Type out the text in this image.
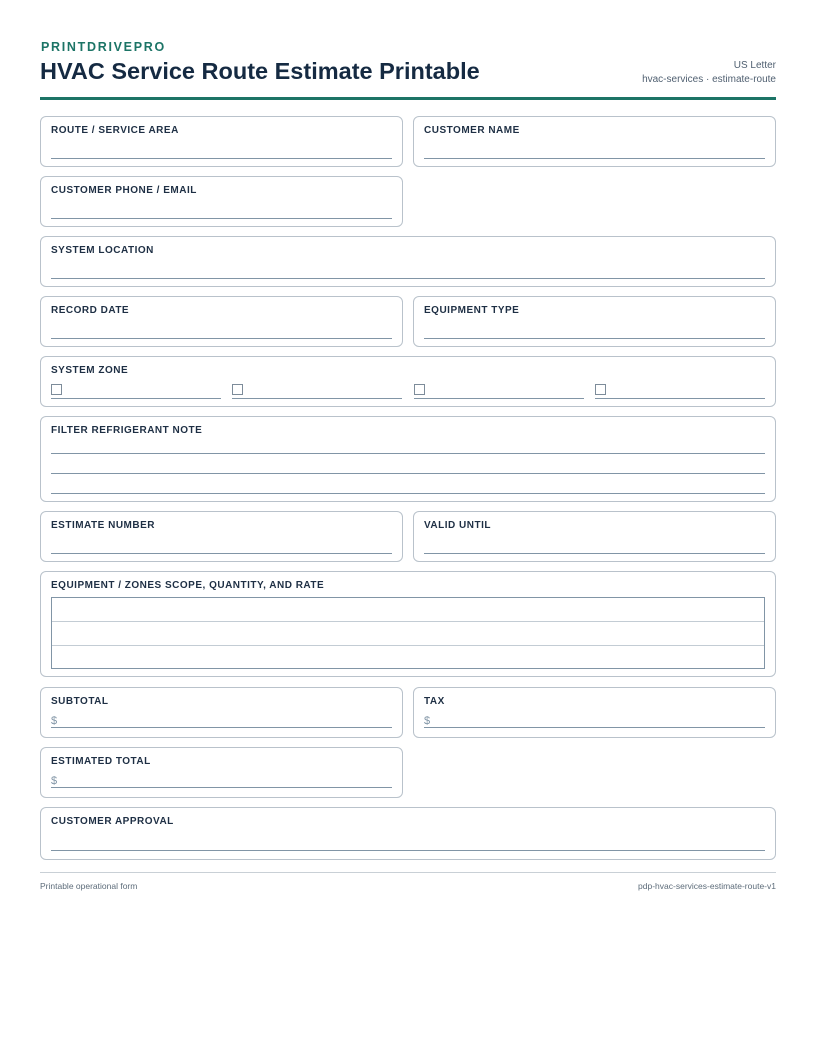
PRINTDRIVEPRO
HVAC Service Route Estimate Printable	US Letter
hvac-services · estimate-route
ROUTE / SERVICE AREA	CUSTOMER NAME
CUSTOMER PHONE / EMAIL
SYSTEM LOCATION
RECORD DATE	EQUIPMENT TYPE
SYSTEM ZONE
FILTER REFRIGERANT NOTE
ESTIMATE NUMBER	VALID UNTIL
EQUIPMENT / ZONES SCOPE, QUANTITY, AND RATE
SUBTOTAL
$
TAX
$
ESTIMATED TOTAL
$
CUSTOMER APPROVAL
Printable operational form	pdp-hvac-services-estimate-route-v1
